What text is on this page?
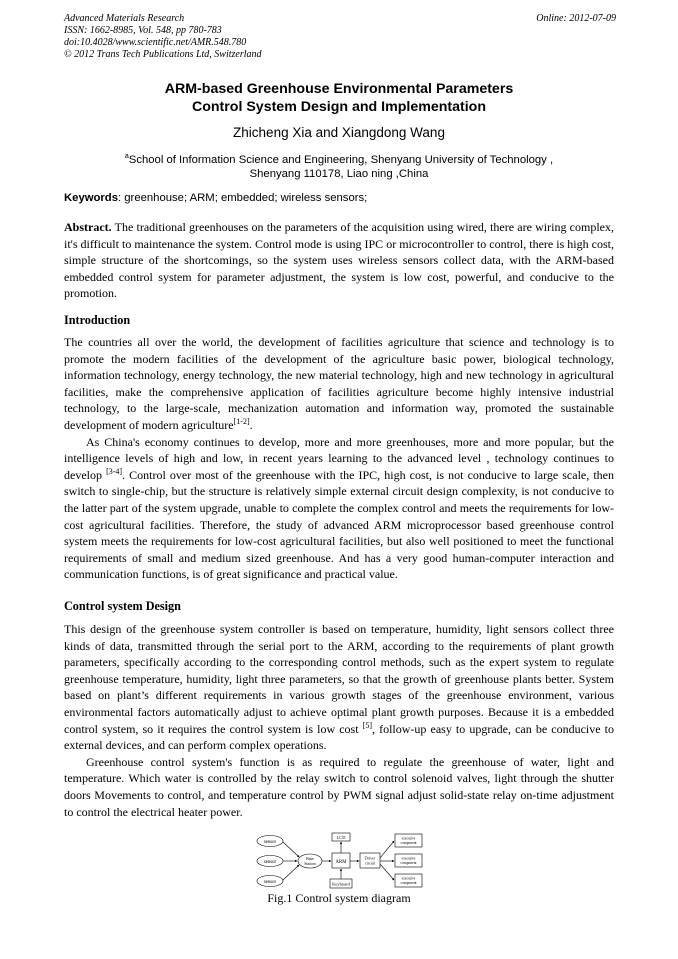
Advanced Materials Research
ISSN: 1662-8985, Vol. 548, pp 780-783
doi:10.4028/www.scientific.net/AMR.548.780
© 2012 Trans Tech Publications Ltd, Switzerland
Online: 2012-07-09
ARM-based Greenhouse Environmental Parameters
Control System Design and Implementation
Zhicheng Xia and Xiangdong Wang
$^a$School of Information Science and Engineering, Shenyang University of Technology ,
Shenyang 110178, Liao ning ,China
Keywords: greenhouse; ARM; embedded; wireless sensors;

Abstract. The traditional greenhouses on the parameters of the acquisition using wired, there are wiring complex, it's difficult to maintenance the system. Control mode is using IPC or microcontroller to control, there is high cost, simple structure of the shortcomings, so the system uses wireless sensors collect data, with the ARM-based embedded control system for parameter adjustment, the system is low cost, powerful, and conducive to the promotion.

Introduction

The countries all over the world, the development of facilities agriculture that science and technology is to promote the modern facilities of the development of the agriculture basic power, biological technology, information technology, energy technology, the new material technology, high and new technology in agricultural facilities, make the comprehensive application of facilities agriculture become highly intensive industrial technology, to the large-scale, mechanization automation and information way, promoted the sustainable development of modern agriculture[1-2].

As China's economy continues to develop, more and more greenhouses, more and more popular, but the intelligence levels of high and low, in recent years learning to the advanced level , technology continues to develop [3-4]. Control over most of the greenhouse with the IPC, high cost, is not conducive to large scale, then switch to single-chip, but the structure is relatively simple external circuit design complexity, is not conducive to the latter part of the system upgrade, unable to complete the complex control and meets the requirements for low-cost agricultural facilities. Therefore, the study of advanced ARM microprocessor based greenhouse control system meets the requirements for low-cost agricultural facilities, but also well positioned to meet the functional requirements of small and medium sized greenhouse. And has a very good human-computer interaction and communication functions, is of great significance and practical value.

Control system Design

This design of the greenhouse system controller is based on temperature, humidity, light sensors collect three kinds of data, transmitted through the serial port to the ARM, according to the requirements of plant growth parameters, specifically according to the corresponding control methods, such as the expert system to regulate greenhouse temperature, humidity, light three parameters, so that the growth of greenhouse plants better. System based on plant’s different requirements in various growth stages of the greenhouse environment, various environmental factors automatically adjust to achieve optimal plant growth purposes. Because it is a embedded control system, so it requires the control system is low cost [5], follow-up easy to upgrade, can be conducive to external devices, and can perform complex operations.

Greenhouse control system's function is as required to regulate the greenhouse of water, light and temperature. Which water is controlled by the relay switch to control solenoid valves, light through the shutter doors Movements to control, and temperature control by PWM signal adjust solid-state relay on-time adjustment to control the electrical heater power.

sensor
sensor
sensor
Base
Station	ARM
LCD
Keyboard
Driver
circuit
executive
component
executive
component
executive
component
Fig.1 Control system diagram
